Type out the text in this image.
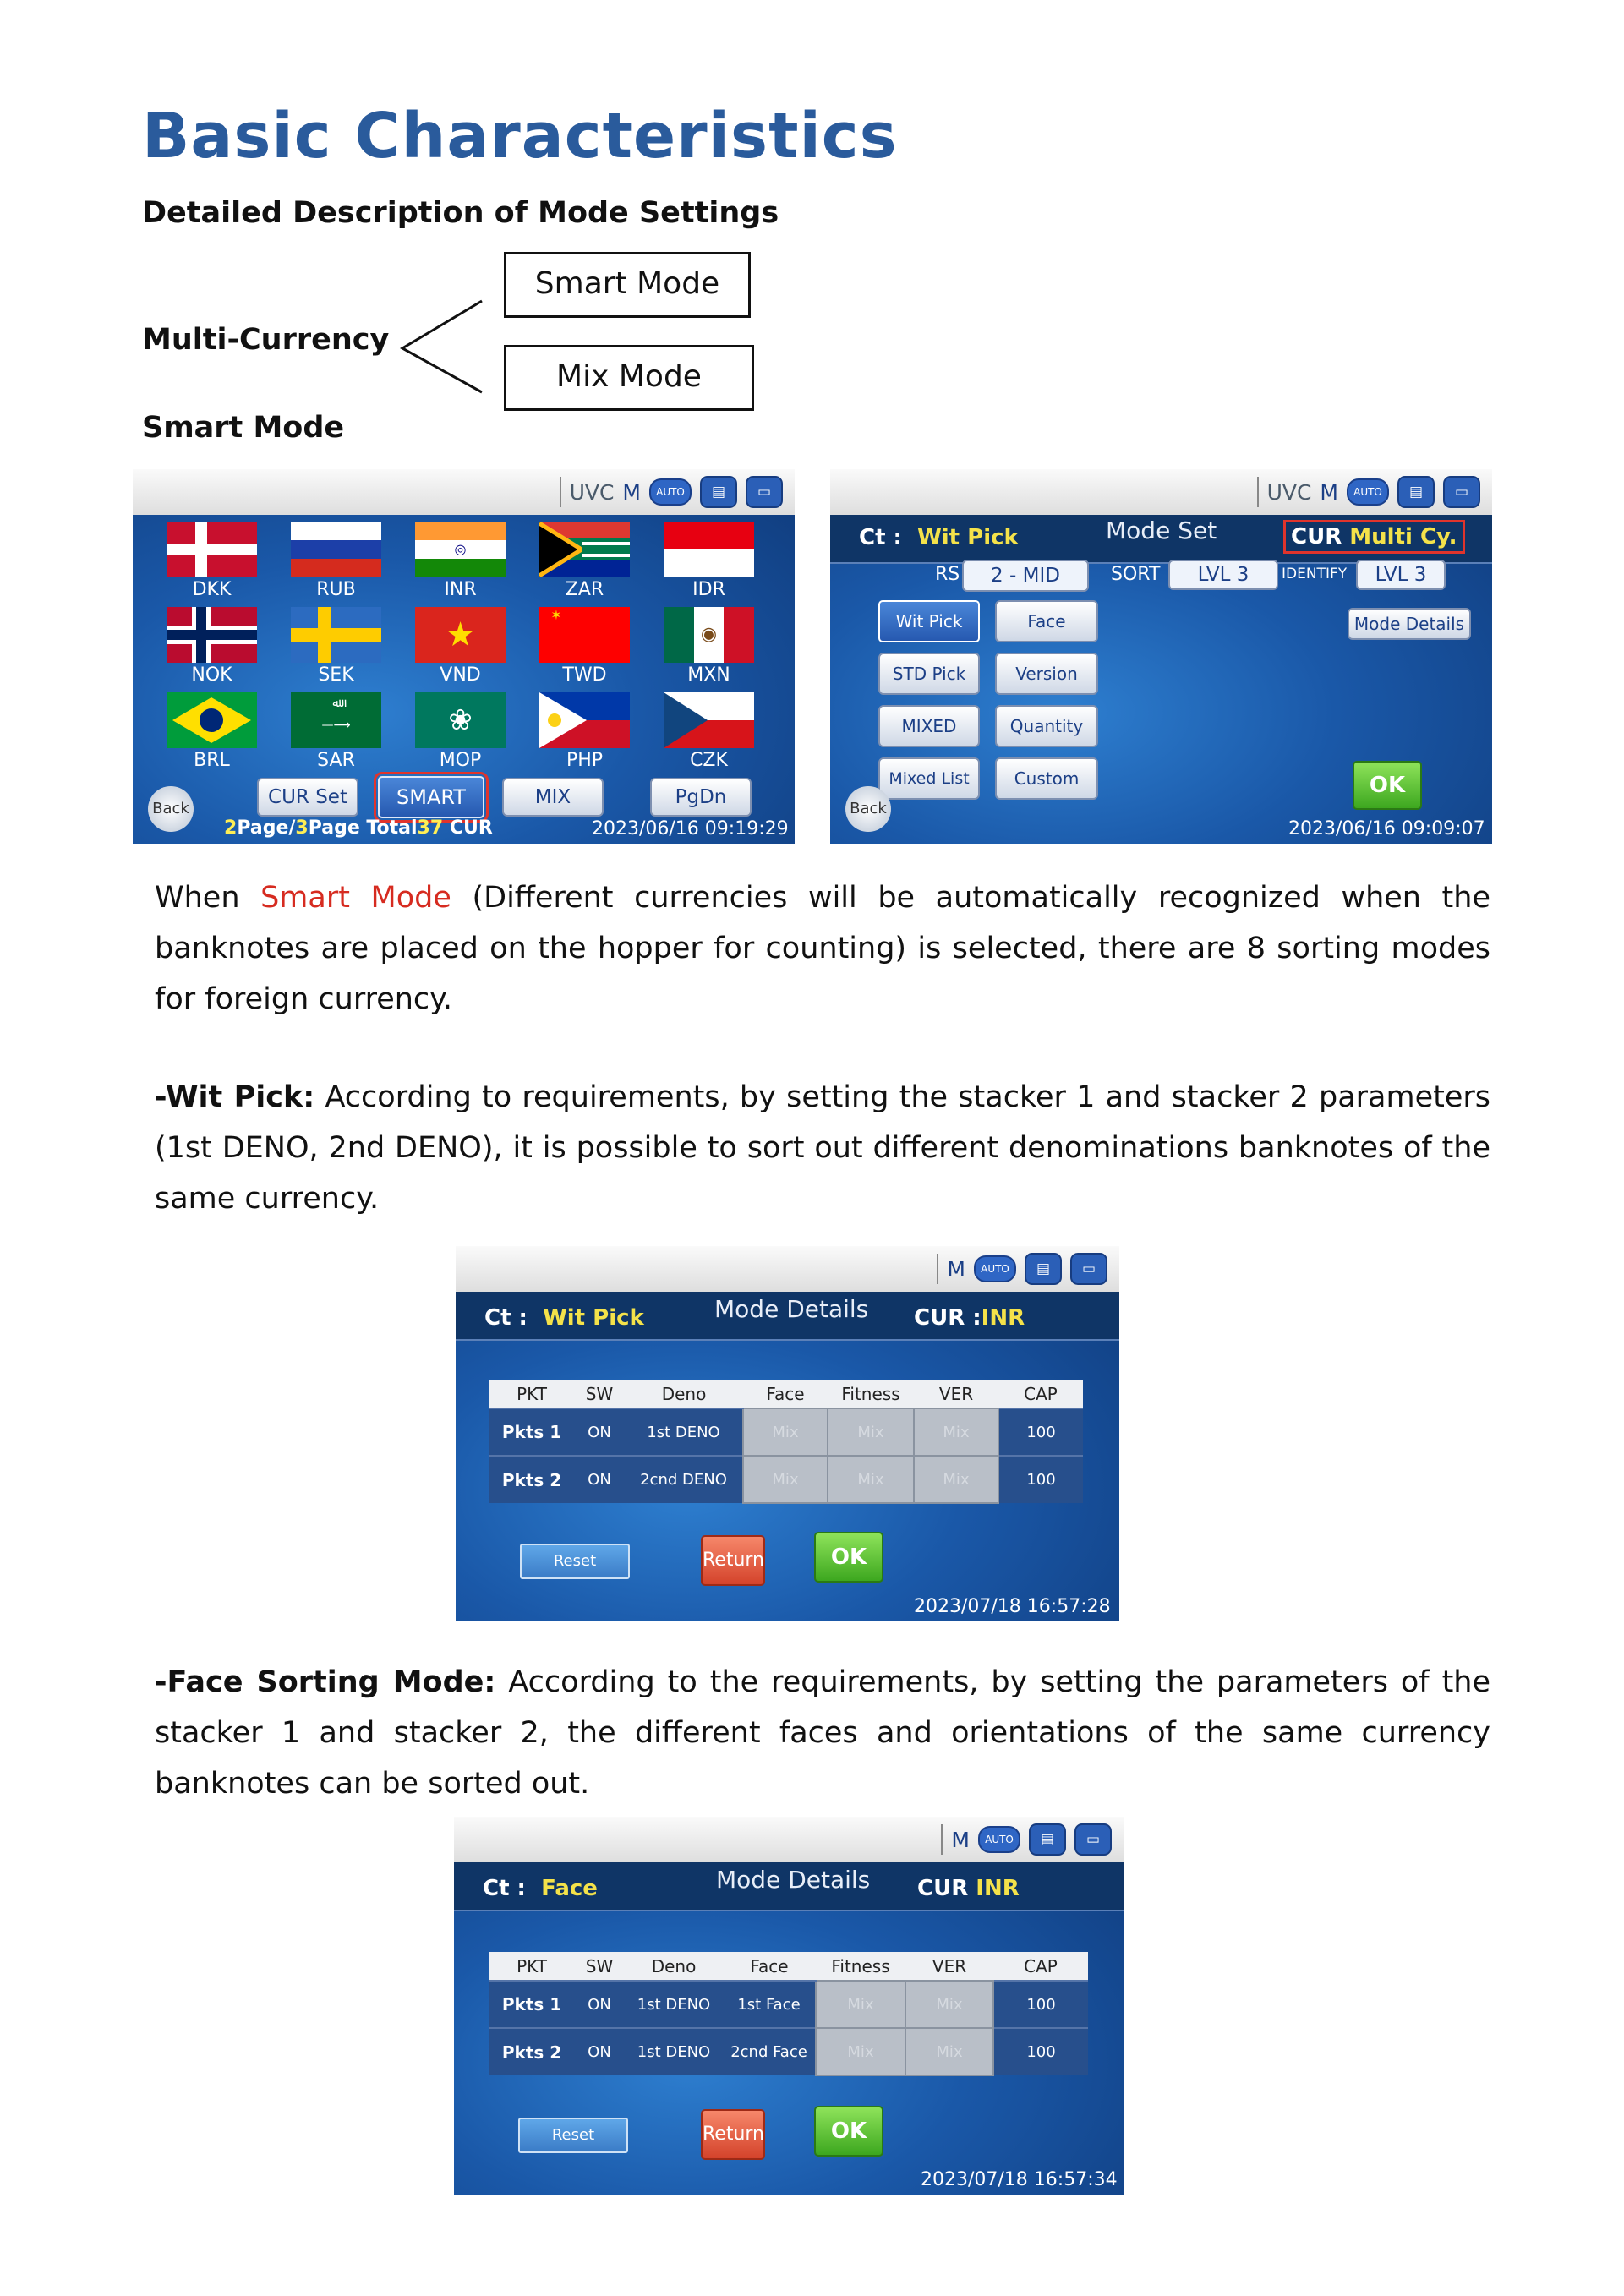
Basic Characteristics
Detailed Description of Mode Settings
Multi-Currency
Smart Mode
Mix Mode
Smart Mode
UVC M	AUTO	▤	▭
◎
DKK	RUB	INR	ZAR	IDR
★
✶
◉
NOK	SEK	VND	TWD	MXN
ﷲ
—⟶	❀
BRL	SAR	MOP	PHP	CZK
Back
CUR Set	SMART	MIX	PgDn
2Page/3Page Total37 CUR	2023/06/16 09:19:29
UVC M	AUTO	▤	▭
Ct : Wit Pick	Mode Set	CUR Multi Cy.
RS	2 - MID	SORT	LVL 3	IDENTIFY	LVL 3
Wit Pick	Face
STD Pick	Version
MIXED	Quantity
Mixed List	Custom
Mode Details
OK
Back
2023/06/16 09:09:07
When Smart Mode (Different currencies will be automatically recognized when the banknotes are placed on the hopper for counting) is selected, there are 8 sorting modes for foreign currency.
-Wit Pick: According to requirements, by setting the stacker 1 and stacker 2 parameters (1st DENO, 2nd DENO), it is possible to sort out different denominations banknotes of the same currency.
M	AUTO	▤	▭
Ct : Wit Pick	Mode Details CUR :INR
PKT	SW	Deno	Face	Fitness	VER	CAP
Pkts 1	ON	1st DENO	Mix	Mix	Mix	100
Pkts 2	ON	2cnd DENO	Mix	Mix	Mix	100
Reset	Return	OK
2023/07/18 16:57:28
-Face Sorting Mode: According to the requirements, by setting the parameters of the stacker 1 and stacker 2, the different faces and orientations of the same currency banknotes can be sorted out.
M	AUTO	▤	▭
Ct : Face	Mode Details CUR INR
PKT	SW	Deno	Face	Fitness	VER	CAP
Pkts 1	ON	1st DENO	1st Face	Mix	Mix	100
Pkts 2	ON	1st DENO	2cnd Face	Mix	Mix	100
Reset	Return	OK
2023/07/18 16:57:34
